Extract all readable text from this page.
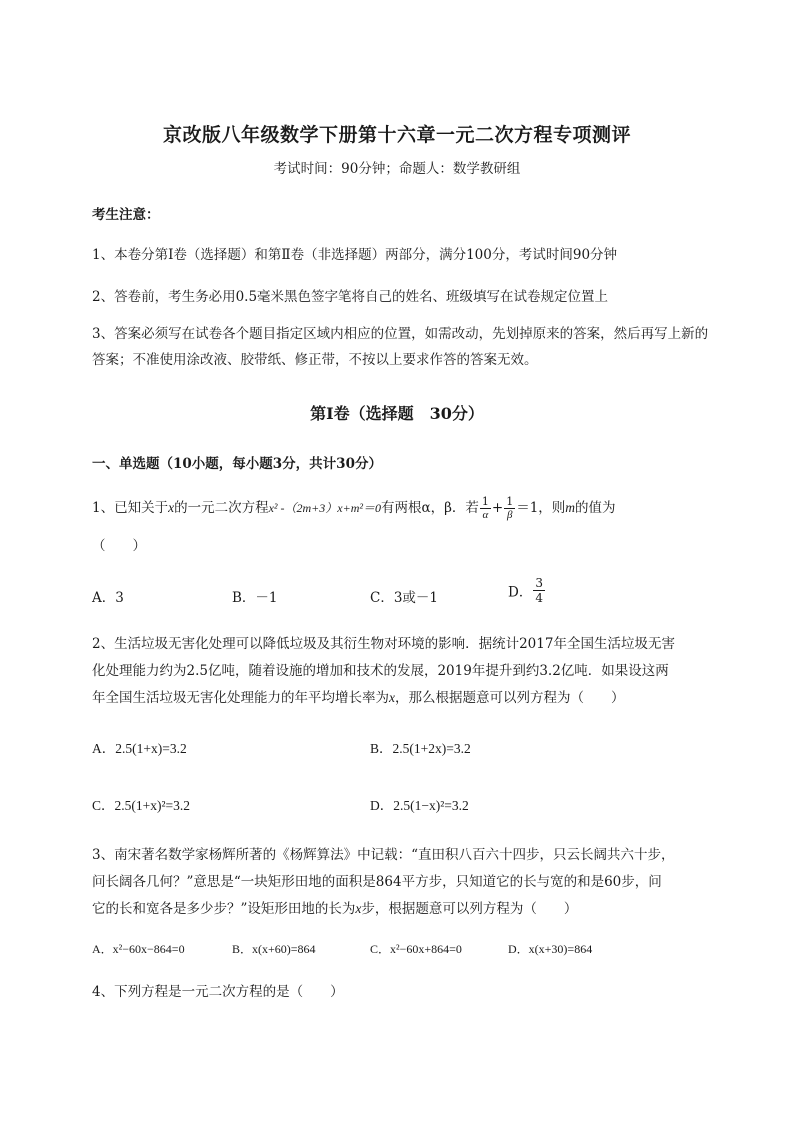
京改版八年级数学下册第十六章一元二次方程专项测评
考试时间：90分钟；命题人：数学教研组
考生注意：
1、本卷分第I卷（选择题）和第Ⅱ卷（非选择题）两部分，满分100分，考试时间90分钟
2、答卷前，考生务必用0.5毫米黑色签字笔将自己的姓名、班级填写在试卷规定位置上
3、答案必须写在试卷各个题目指定区域内相应的位置，如需改动，先划掉原来的答案，然后再写上新的答案；不准使用涂改液、胶带纸、修正带，不按以上要求作答的答案无效。
第I卷（选择题　30分）
一、单选题（10小题，每小题3分，共计30分）
1、已知关于x的一元二次方程x² -（2m+3）x+m²＝0有两根α，β．若 $\frac{1}{\alpha} + \frac{1}{\beta} =1$，则m的值为
（　　）
A．3	B．－1	C．3或－1	D． $\frac{3}{4}$
2、生活垃圾无害化处理可以降低垃圾及其衍生物对环境的影响．据统计2017年全国生活垃圾无害
化处理能力约为2.5亿吨，随着设施的增加和技术的发展，2019年提升到约3.2亿吨．如果设这两
年全国生活垃圾无害化处理能力的年平均增长率为x，那么根据题意可以列方程为（　　）
A．2.5(1+x)=3.2	B．2.5(1+2x)=3.2
C．2.5(1+x)²=3.2	D．2.5(1−x)²=3.2
3、南宋著名数学家杨辉所著的《杨辉算法》中记载：“直田积八百六十四步，只云长阔共六十步，
问长阔各几何？”意思是“一块矩形田地的面积是864平方步，只知道它的长与宽的和是60步，问
它的长和宽各是多少步？”设矩形田地的长为x步，根据题意可以列方程为（　　）
A．x²−60x−864=0	B．x(x+60)=864	C．x²−60x+864=0	D．x(x+30)=864
4、下列方程是一元二次方程的是（　　）
